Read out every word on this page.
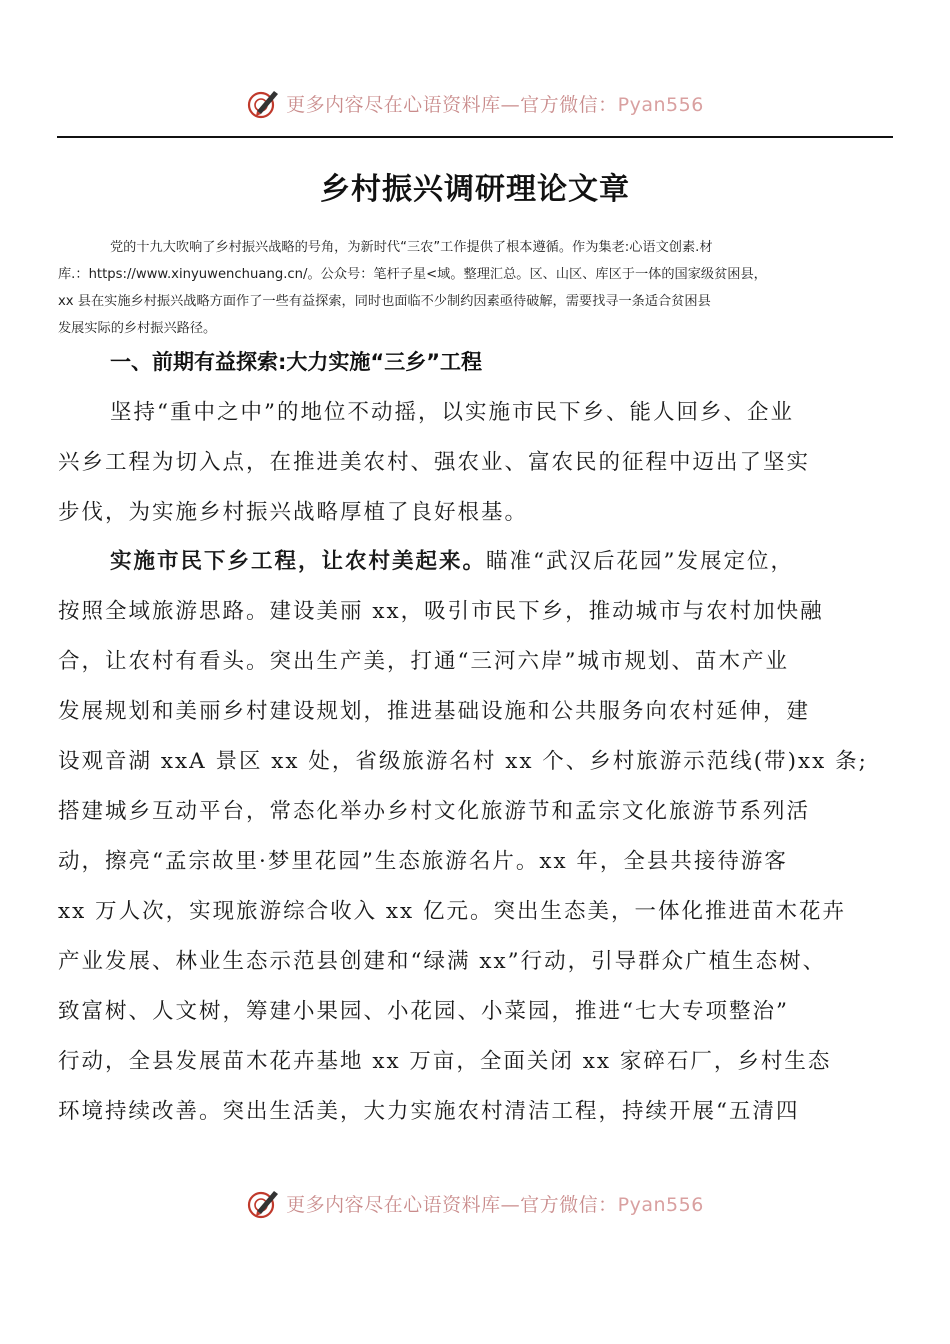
更多内容尽在心语资料库—官方微信：Pyan556
乡村振兴调研理论文章
党的十九大吹响了乡村振兴战略的号角，为新时代“三农”工作提供了根本遵循。作为集老:心语文创素.材
库.：https://www.xinyuwenchuang.cn/。公众号：笔杆子星<域。整理汇总。区、山区、库区于一体的国家级贫困县，
xx 县在实施乡村振兴战略方面作了一些有益探索，同时也面临不少制约因素亟待破解，需要找寻一条适合贫困县
发展实际的乡村振兴路径。
一、前期有益探索:大力实施“三乡”工程
坚持“重中之中”的地位不动摇，以实施市民下乡、能人回乡、企业
兴乡工程为切入点，在推进美农村、强农业、富农民的征程中迈出了坚实
步伐，为实施乡村振兴战略厚植了良好根基。
实施市民下乡工程，让农村美起来。瞄准“武汉后花园”发展定位，
按照全域旅游思路。建设美丽 xx，吸引市民下乡，推动城市与农村加快融
合，让农村有看头。突出生产美，打通“三河六岸”城市规划、苗木产业
发展规划和美丽乡村建设规划，推进基础设施和公共服务向农村延伸，建
设观音湖 xxA 景区 xx 处，省级旅游名村 xx 个、乡村旅游示范线(带)xx 条;
搭建城乡互动平台，常态化举办乡村文化旅游节和孟宗文化旅游节系列活
动，擦亮“孟宗故里·梦里花园”生态旅游名片。xx 年，全县共接待游客
xx 万人次，实现旅游综合收入 xx 亿元。突出生态美，一体化推进苗木花卉
产业发展、林业生态示范县创建和“绿满 xx”行动，引导群众广植生态树、
致富树、人文树，筹建小果园、小花园、小菜园，推进“七大专项整治”
行动，全县发展苗木花卉基地 xx 万亩，全面关闭 xx 家碎石厂，乡村生态
环境持续改善。突出生活美，大力实施农村清洁工程，持续开展“五清四
更多内容尽在心语资料库—官方微信：Pyan556
